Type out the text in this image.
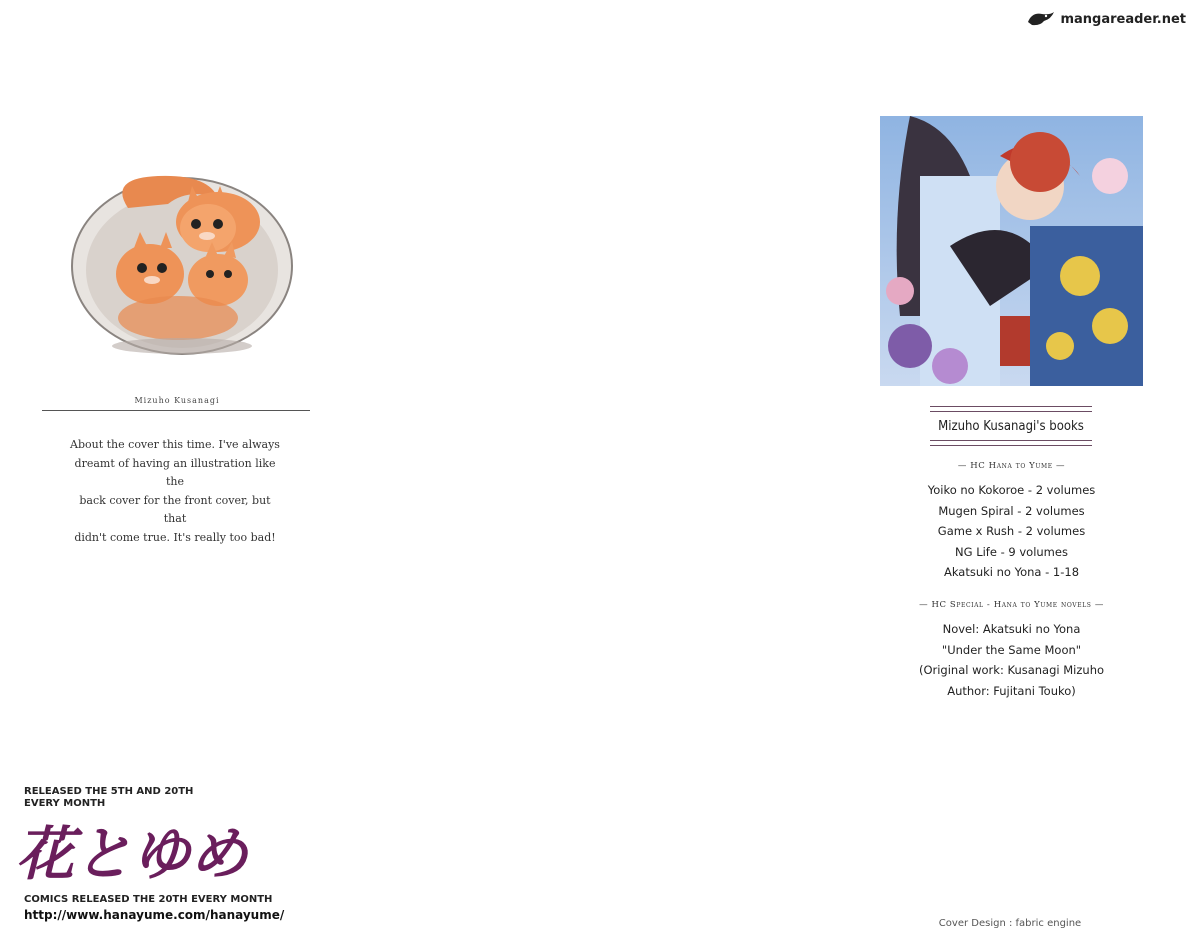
mangareader.net
Mizuho Kusanagi
About the cover this time. I've always
dreamt of having an illustration like the
back cover for the front cover, but that
didn't come true. It's really too bad!
RELEASED THE 5TH AND 20TH EVERY MONTH
花とゆめ
COMICS RELEASED THE 20TH EVERY MONTH
http://www.hanayume.com/hanayume/
Mizuho Kusanagi's books
— HC Hana to Yume —
Yoiko no Kokoroe - 2 volumes
Mugen Spiral - 2 volumes
Game x Rush - 2 volumes
NG Life - 9 volumes
Akatsuki no Yona - 1-18
— HC Special - Hana to Yume novels —
Novel: Akatsuki no Yona
"Under the Same Moon"
(Original work: Kusanagi Mizuho
Author: Fujitani Touko)
Cover Design : fabric engine
